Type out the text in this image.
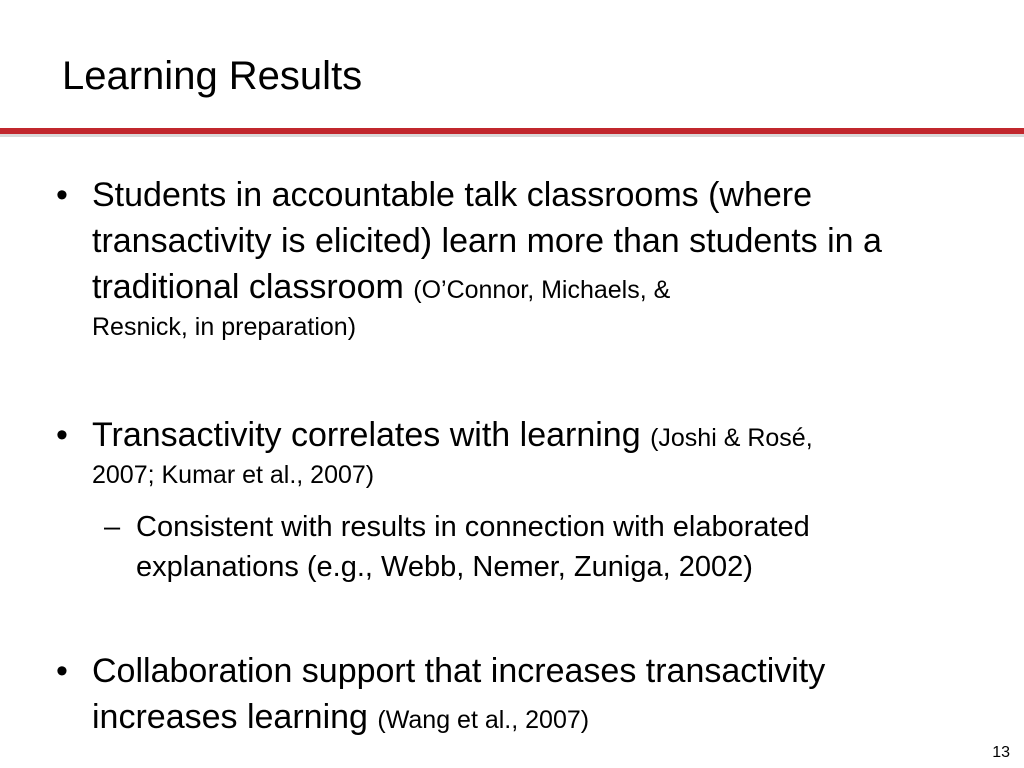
Learning Results
• Students in accountable talk classrooms (where transactivity is elicited) learn more than students in a traditional classroom (O’Connor, Michaels, &
Resnick, in preparation)
• Transactivity correlates with learning (Joshi & Rosé,
2007; Kumar et al., 2007)
– Consistent with results in connection with elaborated explanations (e.g., Webb, Nemer, Zuniga, 2002)
• Collaboration support that increases transactivity increases learning (Wang et al., 2007)
13
